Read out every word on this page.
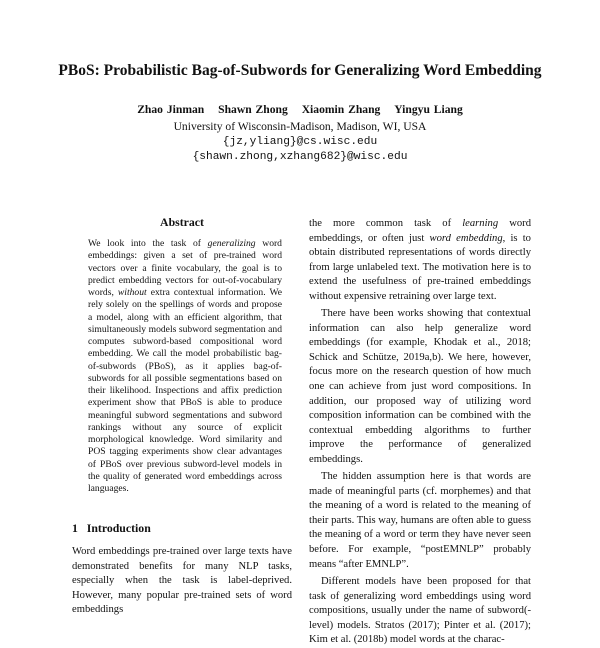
PBoS: Probabilistic Bag-of-Subwords for Generalizing Word Embedding
Zhao Jinman Shawn Zhong Xiaomin Zhang Yingyu Liang
University of Wisconsin-Madison, Madison, WI, USA
{jz,yliang}@cs.wisc.edu
{shawn.zhong,xzhang682}@wisc.edu
Abstract
We look into the task of generalizing word embeddings: given a set of pre-trained word vectors over a finite vocabulary, the goal is to predict embedding vectors for out-of-vocabulary words, without extra contextual information. We rely solely on the spellings of words and propose a model, along with an efficient algorithm, that simultaneously models subword segmentation and computes subword-based compositional word embedding. We call the model probabilistic bag-of-subwords (PBoS), as it applies bag-of-subwords for all possible segmentations based on their likelihood. Inspections and affix prediction experiment show that PBoS is able to produce meaningful subword segmentations and subword rankings without any source of explicit morphological knowledge. Word similarity and POS tagging experiments show clear advantages of PBoS over previous subword-level models in the quality of generated word embeddings across languages.
1   Introduction

Word embeddings pre-trained over large texts have demonstrated benefits for many NLP tasks, especially when the task is label-deprived. However, many popular pre-trained sets of word embeddings

the more common task of learning word embeddings, or often just word embedding, is to obtain distributed representations of words directly from large unlabeled text. The motivation here is to extend the usefulness of pre-trained embeddings without expensive retraining over large text.

There have been works showing that contextual information can also help generalize word embeddings (for example, Khodak et al., 2018; Schick and Schütze, 2019a,b). We here, however, focus more on the research question of how much one can achieve from just word compositions. In addition, our proposed way of utilizing word composition information can be combined with the contextual embedding algorithms to further improve the performance of generalized embeddings.

The hidden assumption here is that words are made of meaningful parts (cf. morphemes) and that the meaning of a word is related to the meaning of their parts. This way, humans are often able to guess the meaning of a word or term they have never seen before. For example, “postEMNLP” probably means “after EMNLP”.

Different models have been proposed for that task of generalizing word embeddings using word compositions, usually under the name of subword(-level) models. Stratos (2017); Pinter et al. (2017); Kim et al. (2018b) model words at the charac-
